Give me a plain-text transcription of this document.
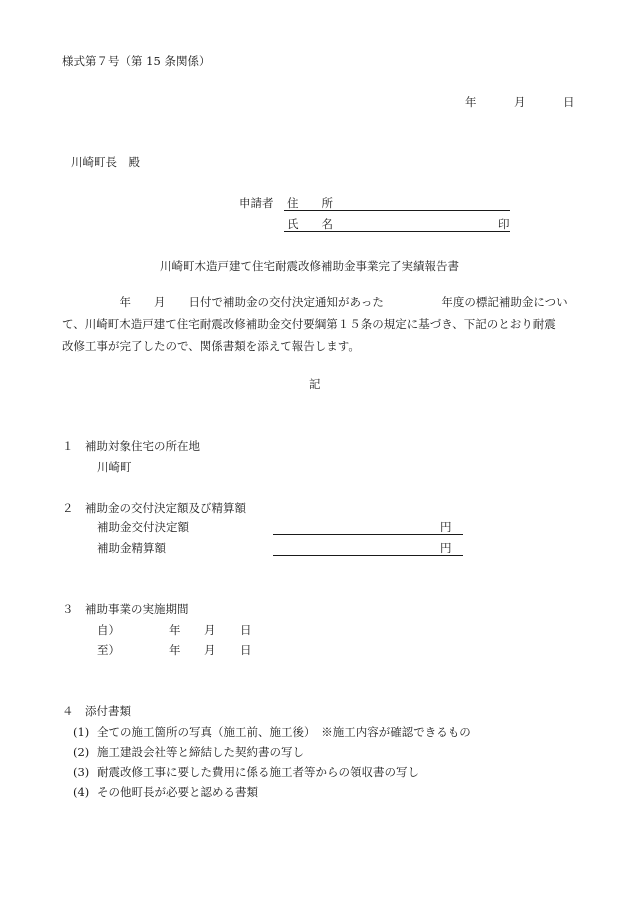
様式第７号（第 15 条関係）
年	月	日
川崎町長　殿
申請者 住　　所
氏　　名	印
川崎町木造戸建て住宅耐震改修補助金事業完了実績報告書
　　　　　年　　月　　日付で補助金の交付決定通知があった　　　　　年度の標記補助金につい
て、川崎町木造戸建て住宅耐震改修補助金交付要綱第１５条の規定に基づき、下記のとおり耐震
改修工事が完了したので、関係書類を添えて報告します。
記
１ 補助対象住宅の所在地
川崎町
２ 補助金の交付決定額及び精算額
補助金交付決定額	円
補助金精算額	円
３ 補助事業の実施期間
自）	年 月 日
至）	年 月 日
４ 添付書類
(1) 全ての施工箇所の写真（施工前、施工後）　※施工内容が確認できるもの
(2) 施工建設会社等と締結した契約書の写し
(3) 耐震改修工事に要した費用に係る施工者等からの領収書の写し
(4) その他町長が必要と認める書類
